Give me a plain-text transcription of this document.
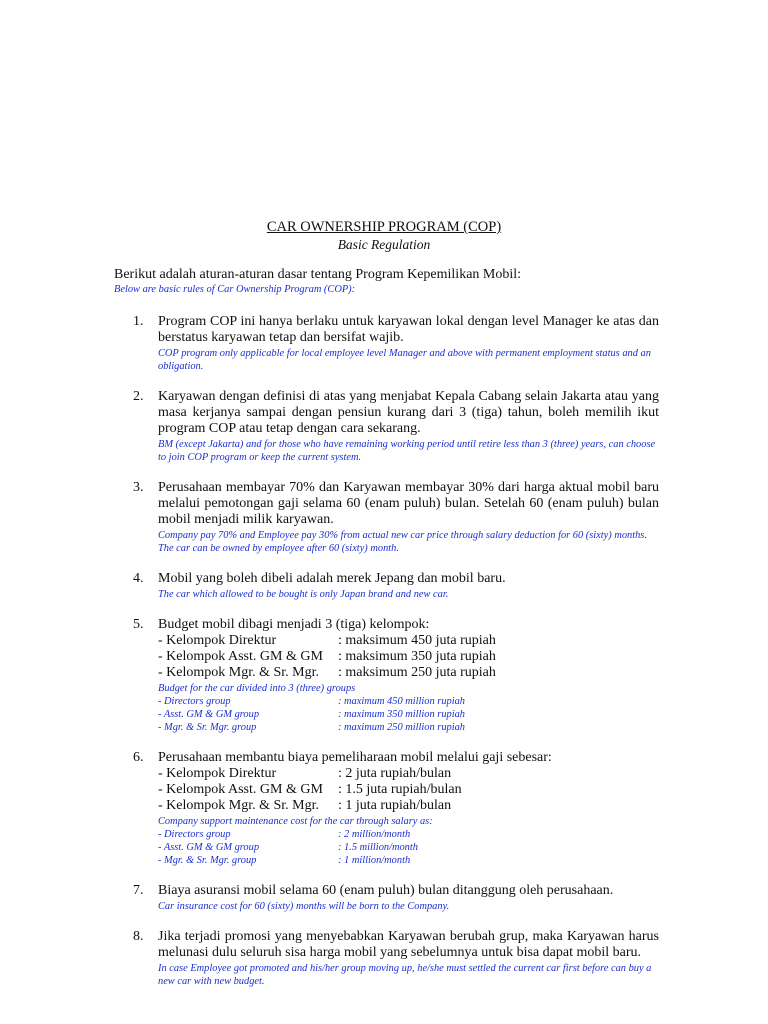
CAR OWNERSHIP PROGRAM (COP)
Basic Regulation
Berikut adalah aturan-aturan dasar tentang Program Kepemilikan Mobil:
Below are basic rules of Car Ownership Program (COP):
1. Program COP ini hanya berlaku untuk karyawan lokal dengan level Manager ke atas dan berstatus karyawan tetap dan bersifat wajib.
COP program only applicable for local employee level Manager and above with permanent employment status and an obligation.
2. Karyawan dengan definisi di atas yang menjabat Kepala Cabang selain Jakarta atau yang masa kerjanya sampai dengan pensiun kurang dari 3 (tiga) tahun, boleh memilih ikut program COP atau tetap dengan cara sekarang.
BM (except Jakarta) and for those who have remaining working period until retire less than 3 (three) years, can choose to join COP program or keep the current system.
3. Perusahaan membayar 70% dan Karyawan membayar 30% dari harga aktual mobil baru melalui pemotongan gaji selama 60 (enam puluh) bulan. Setelah 60 (enam puluh) bulan mobil menjadi milik karyawan.
Company pay 70% and Employee pay 30% from actual new car price through salary deduction for 60 (sixty) months. The car can be owned by employee after 60 (sixty) month.
4. Mobil yang boleh dibeli adalah merek Jepang dan mobil baru.
The car which allowed to be bought is only Japan brand and new car.
5. Budget mobil dibagi menjadi 3 (tiga) kelompok:
- Kelompok Direktur	: maksimum 450 juta rupiah
- Kelompok Asst. GM & GM	: maksimum 350 juta rupiah
- Kelompok Mgr. & Sr. Mgr.	: maksimum 250 juta rupiah
Budget for the car divided into 3 (three) groups
- Directors group	: maximum 450 million rupiah
- Asst. GM & GM group	: maximum 350 million rupiah
- Mgr. & Sr. Mgr. group	: maximum 250 million rupiah
6. Perusahaan membantu biaya pemeliharaan mobil melalui gaji sebesar:
- Kelompok Direktur	: 2 juta rupiah/bulan
- Kelompok Asst. GM & GM	: 1.5 juta rupiah/bulan
- Kelompok Mgr. & Sr. Mgr.	: 1 juta rupiah/bulan
Company support maintenance cost for the car through salary as:
- Directors group	: 2 million/month
- Asst. GM & GM group	: 1.5 million/month
- Mgr. & Sr. Mgr. group	: 1 million/month
7. Biaya asuransi mobil selama 60 (enam puluh) bulan ditanggung oleh perusahaan.
Car insurance cost for 60 (sixty) months will be born to the Company.
8. Jika terjadi promosi yang menyebabkan Karyawan berubah grup, maka Karyawan harus melunasi dulu seluruh sisa harga mobil yang sebelumnya untuk bisa dapat mobil baru.
In case Employee got promoted and his/her group moving up, he/she must settled the current car first before can buy a new car with new budget.
